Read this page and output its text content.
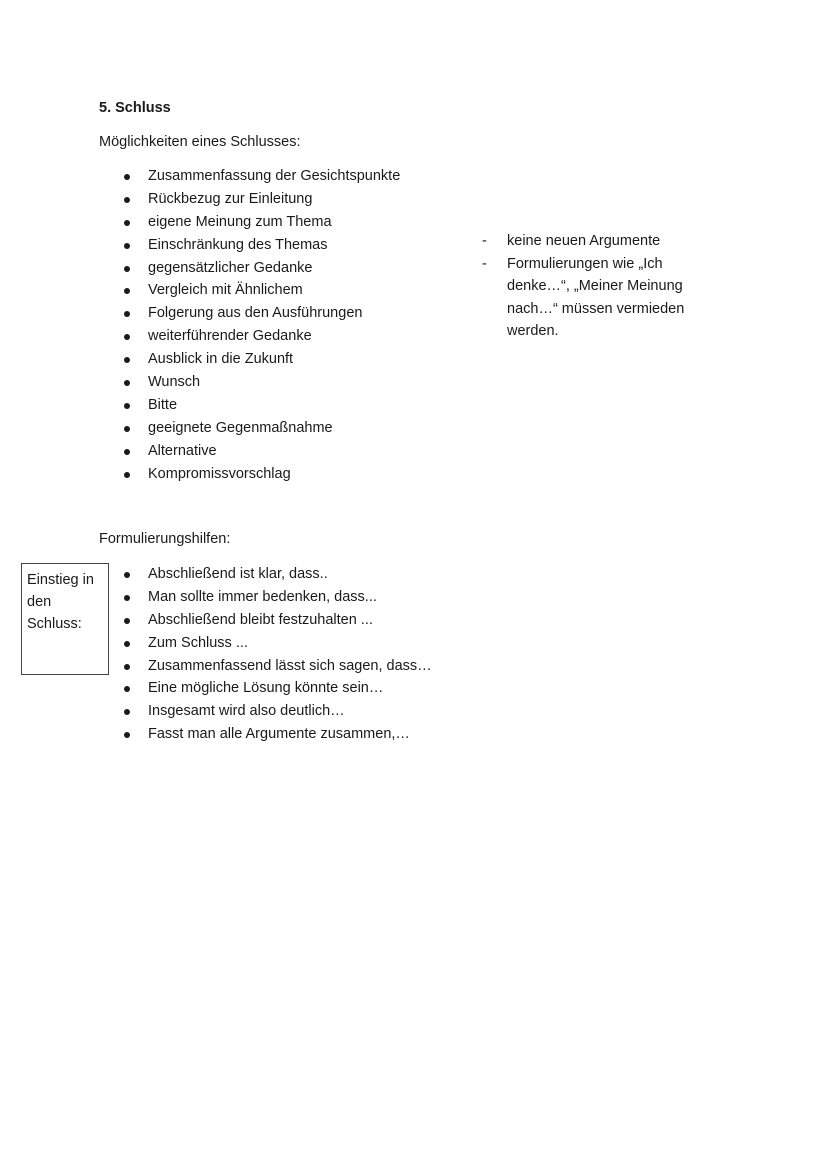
5. Schluss
Möglichkeiten eines Schlusses:
Zusammenfassung der Gesichtspunkte
Rückbezug zur Einleitung
eigene Meinung zum Thema
Einschränkung des Themas
gegensätzlicher Gedanke
Vergleich mit Ähnlichem
Folgerung aus den Ausführungen
weiterführender Gedanke
Ausblick in die Zukunft
Wunsch
Bitte
geeignete Gegenmaßnahme
Alternative
Kompromissvorschlag
- keine neuen Argumente
- Formulierungen wie „Ich denke…“, „Meiner Meinung nach…“ müssen vermieden werden.
Formulierungshilfen:
Einstieg in den Schluss:
Abschließend ist klar, dass..
Man sollte immer bedenken, dass...
Abschließend bleibt festzuhalten ...
Zum Schluss ...
Zusammenfassend lässt sich sagen, dass…
Eine mögliche Lösung könnte sein…
Insgesamt wird also deutlich…
Fasst man alle Argumente zusammen,…
